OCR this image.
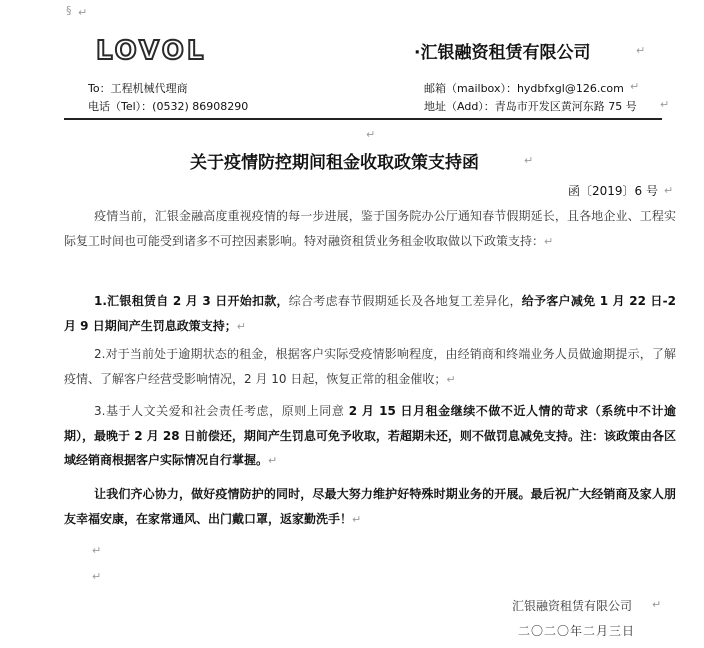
§ ↵
LOVOL	·汇银融资租赁有限公司	↵
To：工程机械代理商	邮箱（mailbox）：hydbfxgl@126.com ↵
电话（Tel）：(0532) 86908290	地址（Add）：青岛市开发区黄河东路 75 号 ↵
↵
关于疫情防控期间租金收取政策支持函	↵
函〔2019〕6 号 ↵
疫情当前，汇银金融高度重视疫情的每一步进展，鉴于国务院办公厅通知春节假期延长，且各地企业、工程实际复工时间也可能受到诸多不可控因素影响。特对融资租赁业务租金收取做以下政策支持：↵
1.汇银租赁自 2 月 3 日开始扣款，综合考虑春节假期延长及各地复工差异化，给予客户减免 1 月 22 日-2 月 9 日期间产生罚息政策支持；↵
2.对于当前处于逾期状态的租金，根据客户实际受疫情影响程度，由经销商和终端业务人员做逾期提示，了解疫情、了解客户经营受影响情况，2 月 10 日起，恢复正常的租金催收；↵
3.基于人文关爱和社会责任考虑，原则上同意 2 月 15 日月租金继续不做不近人情的苛求（系统中不计逾期），最晚于 2 月 28 日前偿还，期间产生罚息可免予收取，若超期未还，则不做罚息减免支持。注：该政策由各区域经销商根据客户实际情况自行掌握。↵
让我们齐心协力，做好疫情防护的同时，尽最大努力维护好特殊时期业务的开展。最后祝广大经销商及家人朋友幸福安康，在家常通风、出门戴口罩，返家勤洗手！↵
↵
↵
汇银融资租赁有限公司 ↵
二〇二〇年二月三日
